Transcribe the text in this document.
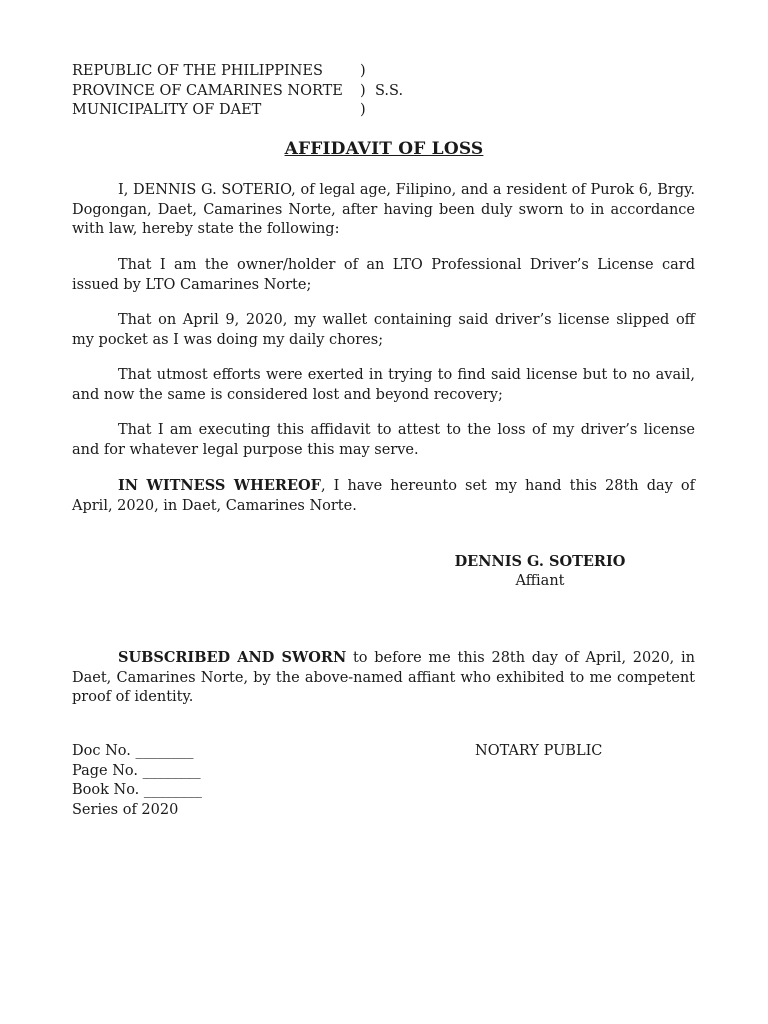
REPUBLIC OF THE PHILIPPINES	)
PROVINCE OF CAMARINES NORTE ) S.S.
MUNICIPALITY OF DAET	)
AFFIDAVIT OF LOSS
I, DENNIS G. SOTERIO, of legal age, Filipino, and a resident of Purok 6, Brgy. Dogongan, Daet, Camarines Norte, after having been duly sworn to in accordance with law, hereby state the following:
That I am the owner/holder of an LTO Professional Driver’s License card issued by LTO Camarines Norte;
That on April 9, 2020, my wallet containing said driver’s license slipped off my pocket as I was doing my daily chores;
That utmost efforts were exerted in trying to find said license but to no avail, and now the same is considered lost and beyond recovery;
That I am executing this affidavit to attest to the loss of my driver’s license and for whatever legal purpose this may serve.
IN WITNESS WHEREOF, I have hereunto set my hand this 28th day of April, 2020, in Daet, Camarines Norte.
DENNIS G. SOTERIO
Affiant
SUBSCRIBED AND SWORN to before me this 28th day of April, 2020, in Daet, Camarines Norte, by the above-named affiant who exhibited to me competent proof of identity.
Doc No. ________
Page No. ________
Book No. ________
Series of 2020
NOTARY PUBLIC
